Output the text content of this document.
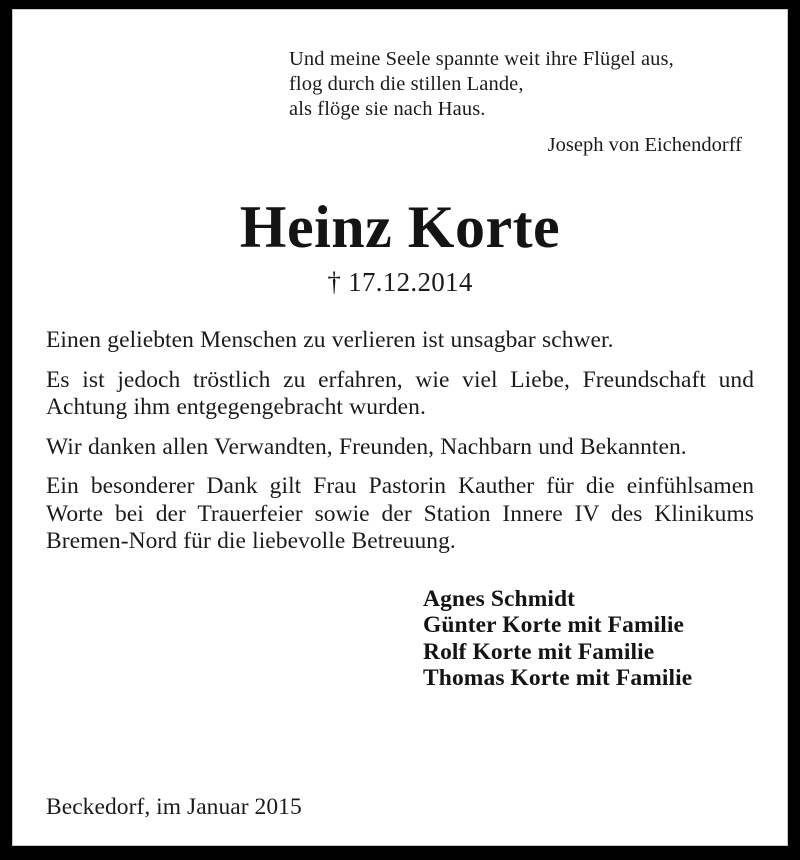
Und meine Seele spannte weit ihre Flügel aus,
flog durch die stillen Lande,
als flöge sie nach Haus.
Joseph von Eichendorff
Heinz Korte
† 17.12.2014

Einen geliebten Menschen zu verlieren ist unsagbar schwer.

Es ist jedoch tröstlich zu erfahren, wie viel Liebe, Freundschaft und Achtung ihm entgegengebracht wurden.

Wir danken allen Verwandten, Freunden, Nachbarn und Bekannten.

Ein besonderer Dank gilt Frau Pastorin Kauther für die einfühlsamen Worte bei der Trauerfeier sowie der Station Innere IV des Klinikums Bremen-Nord für die liebevolle Betreuung.

Agnes Schmidt
Günter Korte mit Familie
Rolf Korte mit Familie
Thomas Korte mit Familie
Beckedorf, im Januar 2015
